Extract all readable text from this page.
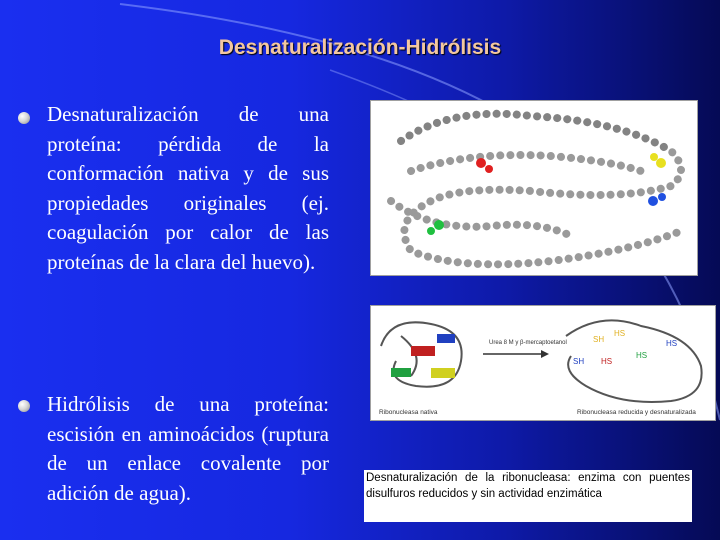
Desnaturalización-Hidrólisis
Desnaturalización de una proteína: pérdida de la conformación nativa y de sus propiedades originales (ej. coagulación por calor de las proteínas de la clara del huevo).
Hidrólisis de una proteína: escisión en aminoácidos (ruptura de un enlace covalente por adición de agua).
Urea 8 M y β-mercaptoetanol
HS
SH
HS
HS
HS
SH
Ribonucleasa nativa	Ribonucleasa reducida y desnaturalizada
Desnaturalización de la ribonucleasa: enzima con puentes disulfuros reducidos y sin actividad enzimática
